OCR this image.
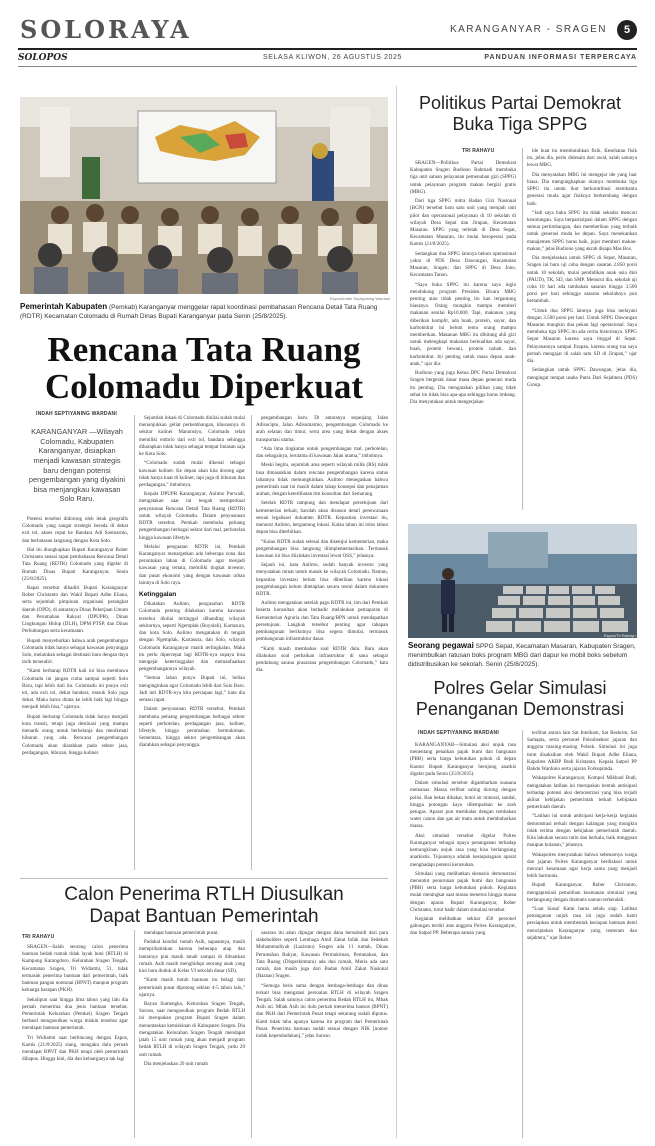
SOLORAYA	KARANGANYAR - SRAGEN	5
SOLOPOS	SELASA KLIWON, 26 AGUSTUS 2025	PANDUAN INFORMASI TERPERCAYA
Espos/Indah Septiyaning Wardani
Pemerintah Kabupaten (Pemkab) Karanganyar menggelar rapat koordinasi pembahasan Rencana Detail Tata Ruang (RDTR) Kecamatan Colomadu di Rumah Dinas Bupati Karanganyar pada Senin (25/8/2025).
Rencana Tata Ruang
Colomadu Diperkuat
INDAH SEPTIYANING WARDANI
KARANGANYAR —Wilayah Colomadu, Kabupaten Karanganyar, disiapkan menjadi kawasan strategis baru dengan potensi pengembangan yang diyakini bisa menjangkau kawasan Solo Raru.

Potensi tersebut didorong oleh letak geografis Colomadu yang sangat strategis berada di dekat exit tol, akses cepat ke Bandara Adi Soemarmo, dan berbatasan langsung dengan Kota Solo.

Hal itu diungkapkan Bupati Karanganyar Rober Christanto seusai rapat pembahasan Rencana Detail Tata Ruang (RDTR) Colomadu yang digelar di Rumah Dinas Bupati Karanganyar, Senin (25/8/2025).

Rapat tersebut dihadiri Bupati Karanganyar Rober Christanto dan Wakil Bupati Adhe Eliana, serta sejumlah pimpinan organisasi perangkat daerah (OPD), di antaranya Dinas Pekerjaan Umum dan Perumahan Rakyat (DPUPR), Dinas Lingkungan Hidup (DLH), DPM PTSP, dan Dinas Perhubungan serta kecamatan.

Bupati menyebutkan bahwa arah pengembangan Colomadu tidak hanya sebagai kawasan penyangga Solo, melainkan sebagai destinasi baru dengan daya tarik tersendiri.

“Kami berharap RDTR kali ini bisa membawa Colomadu ini jangan cuma sampai sepetti Solo Baru, tapi lebih dari itu. Colomadu ini punya exit tol, ada exit tol, dekat bandara, masuk Solo juga dekat. Maka harus ditata ke lebih baik lagi hingga menjadi lebih bisa,” ujarnya.

Bupati berharap Colomadu tidak hanya menjadi kota transit, tetapi juga destinasi yang mampu menarik orang untuk berbelanja dan menikmati hiburan yang ada. Rencana pengembangan Colomadu akan diarahkan pada sektor jasa, perdagangan, hiburan, hingga kuliner.

Sejumlah lokasi di Colomadu dinilai sudah mulai menunjukkan geliat perkembangan, khususnya di sekitar kuliner Manunsiyo, Colomadu telah memiliki embrio dari exit tol, bandara sehingga diharapkan tidak hanya sebagai tempat lintasan saja ke Kota Solo.

“Colomadu sudah mulai dikenal sebagai kawasan kuliner. Ke depan akan kita dorong agar tidak hanya kuat di kuliner, tapi juga di hiburan dan perdagangan,” imbuhnya.

Kepala DPUPR Karanganyar, Aulimo Purwadi, mengatakan saat ini tengah memperkuat penyusunan Rencana Detail Tata Ruang (RDTR) untuk wilayah Colomadu. Dalam penyusunan RDTR tersebut, Pemkab membuka peluang pengembangan berbagai sektor dari mal, perhotelan hingga kawasan lifestyle.

Melalui penguatan RDTR ini, Pemkab Karanganyar menargetkan ada beberapa zona dan peruntukan lahan di Colomadu agar menjadi kawasan yang tertata, memiliki tingkat investor, dan pusat ekonomi yang dengan kawasan urban lainnya di Solo raya.

Ketinggalan

Dikatakan Aulimo, pengusahan RDTR Colomadu penting dilakukan karena kawasan tersebut dinilai tertinggal dibanding wilayah sekitarnya, seperti Ngemplak (Boyolali), Kartasura, dan kota Solo. Aulimo mengatakan di tengah dengan Ngemplak, Kartasura, dan Solo, wilayah Colomadu Karanganyar masih terlingkalan. Maka itu perlu dipercepat lagi RDTR-nya supaya bisa mengejar ketertinggalan dan memanfaatkan pengembangannya wilayah.

“Semua lahan punya Bupati ini, beliau menginginkan agar Colomadu lebih dari Solo Baru. Jadi inti RDTR-nya kita persiapan lagi,” kata dia semasi rapat.

Dalam penyusunan RDTR tersebut, Pemkab membuka peluang pengembangan berbagai sektor seperti perhotelan, perdagangan jasa, kuliner, lifestyle, hingga perumahan bermukiman. Sementara, hingga sektor pengembangan akan diarahkan sebagai penyangga.

pengembangan baru. Di antaranya sepanjang Jalan Adisucipto, Jalan Adisumarmo, pengembangan Colomadu ke arah selatan dan timur, serta area yang dekat dengan akses transportasi utama.

“Ada lima tingkatan untuk pengembangan mal, perhotelan, dan sebagainya, terutama di kawasan Jalan utama,” imbuhnya.

Meski begitu, sejumlah area seperti wilayah milik (RS) tidak bisa dimasukkan dalam rencana pengembangan karena status lahannya tidak memungkinkan. Aulimo menegaskan bahwa pemerintah saat ini masih dalam tahap konsepsi dan penajaman arahan, dengan keterlibatan tim konsultan dari Semarang.

Setelah RDTR rampung dan mendapat persetujuan dari kementerian terkait, barulah akan disusun detail perencanaan sesuai legalisasi dokumen RDTR. Kepastian investasi itu, menurut Aulimo, bergantung lokasi. Kalau tahun ini lolos tahun depan bisa diterbitkan.

“Kalau RDTR sudah selesai dan disetujui kementerian, maka pengembangan bisa langsung diimplementasikan. Termasuk kawasan ini bisa diizinkan investasi lewat OSS,” jelasnya.

Sejauh ini, kata Aulimo, sudah banyak investor yang menyatakan minat untuk masuk ke wilayah Colomadu. Namun, kepastian investasi belum bisa diberikan karena lokasi pengembangan belum ditetapkan secara resmi dalam dokumen RDTR.

Aulimo mengatakan setelah pagu RDTR ini, tim dari Pemkab beserta konsultan akan berhadir melakukan pemaparan di Kementerian Agraria dan Tata Ruang/BPN untuk mendapatkan persetujuan. Langkah tersebut penting agar tahapan pembangunan berikutnya bisa segera dimulai, termasuk pembangunan infrastruktur dasar.

“Kami masih membahas soal RDTR dulu. Baru akan dilakukan soal perbaikan infrastruktur di sana sebagai pendukung sarana prasarana pengembangan Colomadu,” kata dia.

Calon Penerima RTLH Diusulkan
Dapat Bantuan Pemerintah
TRI RAHAYU

SRAGEN—Salah seorang calon penerima bantuan bedah rumah tidak layak huni (RTLH) di Kampung Karangdoro, Kelurahan Sragen Tengah, Kecamatan Sragen, Tri Widiatmi, 51, tidak termasuk penerima bantuan dari pemerintah, baik bantuan pangan nontunai (BPNT) maupun program keluarga harapan (PKH).

Sekalipun saat hingga lima tahun yang lalu dia pernah menerima dua jenis bantuan tersebut. Pemerintah Kelurahan (Pemkel) Sragen Tengah berhasil mengusulkan warga miskin tersebut agar mendapat bantuan pemerintah.

Tri Widiatmi saat berbincang dengan Espos, Kamis (21/8/2025) siang, mengaku dulu pernah mendapat BPNT dan PKH tetapi oleh pemerintah dihapus. Hingga kini, dia dan keluarganya tak lagi

mendapat bantuan pemerintah pusat.

Padahal kondisi rumah Asih, sapaannya, masih memprihatinkan karena beberapa atap dan lantainya pun masih tanah sampai di dibuatkan rumah. Asih masih menghidupi seorang anak yang kini baru duduk di Kelas VI sekolah dasar (SD).

“Kami masih butuh bantuan itu belagi dari pemerintah pusat dipotong sekitar 4-5 tahun lalu,” ujarnya.

Bayan Sumengko, Kelurahan Sragen Tengah, Suroso, saat mengusulkan program Bedah RTLH ini merupakan program Bupati Sragen dalam menuntaskan kemiskinan di Kabupaten Sragen. Dia mengatakan Kelurahan Sragen Tengah mendapat jatah 15 unit rumah yang akan menjadi program bedah RTLH di wilayah Sragen Tengah, yaitu 20 unit rumah.

Dia menjelaskan 20 unit rumah

sasaran itu akan dipugar dengan dana bersubsidi dari para stakeholders seperti Lembaga Amil Zakat Infak dan Sedekah Muhammadiyah (Lazismu) Sragen ada 11 rumah, Dinas Perumahan Rakyat, Kawasan Permukiman, Pertanahan, dan Tata Ruang (Disperkimtaru) ada dua rumah, Muria ada satu rumah, dan masih juga dari Badan Amil Zakat Nasional (Baznas) Sragen.

“Semoga beris sama dengan lembaga-lembaga dan dinas terkait bisa mengatasi persoalan RTLH di wilayah Sragen Tengah. Salah satunya calon penerima Bedah RTLH itu, Mbak Asih ini. Mbak Asih ini dulu pernah menerima bansos (BPNT) dan PKH dari Pemerintah Pusat tetapi sekarang sudah diputus. Kami tidak tahu apanya karena itu program dari Pemerintah Pusat. Penerima bantuan sudah sesuai dengan NIK [nomor induk kependudukan],” jelas Suroso.

Politikus Partai Demokrat
Buka Tiga SPPG
TRI RAHAYU

SRAGEN—Politikus Partai Demokrat Kabupaten Sragen Budiono Rahmadi membuka tiga unit satuan pelayanan pemenuhan gizi (SPPG) untuk pelayanan program makan bergizi gratis (MBG).

Dari tiga SPPG mitra Badan Gizi Nasional (BGN) tersebut baru satu unit yang menjadi unit pilot dan operasional pelayanan di 10 sekolah di wilayah Desa Sepat dan Jirapan, Kecamatan Masaran. SPPG yang terletak di Desa Sepat, Kecamatan Masaran, itu mulai beroperasi pada Kamis (21/8/2025).

Sedangkan dua SPPG lainnya belum operasional yakni di PDS Desa Dawungan, Kecamatan Masaran, Sragen; dan SPPG di Desa Jono, Kecamatan Tanon.

“Saya buka SPPG itu karena saya ingin mendukung program Presiden. Bicara MBG penting atau tidak penting itu kan tergantung biasanya. Orang mungkin mampu memberi makanan senilai Rp10.000. Tapi, makanan yang diberikan komplit, ada buah, protein, sayur, dan karbohidrat ini belum tentu orang mampu memberikan. Makanan MBG itu dihitung ahli gizi untuk melengkapi makanan berkualitas ada sayur, buah, protein hewani, protein nabati, dan karbohidrat. Ini penting untuk masa depan anak-anak,” ujar dia.

Budiono yang juga Ketua DPC Partai Demokrat Sragen bergerak dasar masa depan generasi muda itu penting. Dia mengatakan pilihan yang tidak sehat itu tidak bisa apa-apa sehingga harus imbang. Dia menyatakan untuk mengerjakan

ide kuat itu membutuhkan fisik. Kesehatan fisik itu, jelas dia, perlu didesain dari awal, salah satunya lewat MBG.

Dia menyatakan MBG ini mengejar ide yang luar biasa. Dia mengungkapkan niatnya membuka tiga SPPG itu untuk ikut berkontribusi membantu generasi muda agar fisiknya berkembang dengan baik.

“Jadi saya buka SPPG itu tidak sekadar mencari keuntungan. Saya berpartisipasi dalam SPPG dengan semua pertimbangan, dan memberikan yang terbaik untuk generasi muda ke depan. Saya menekankan manajemen SPPG harus baik, jujur memberi makan-makan,” jelas Budiono yang akrab disapa Mas Bos.

Dia menjelaskan untuk SPPG di Sepat, Masaran, Sragen ini baru uji coba dengan sasaran 2.850 porsi untuk 10 sekolah, mulai pendidikan anak usia dini (PAUD), TK, SD, dan SMP. Menurut dia, sekolah uji coba 10 hari ada tambahan sasaran hingga 3.500 porsi per hari sehingga sasaran sekolahnya pun bertambah.

“Untuk dua SPPG lainnya juga bisa melayani dengan 3.500 porsi per hari. Untuk SPPG Dawungan Masaran mungkin dua pekan lagi operasional. Saya membuka tiga SPPG itu ada cerita historisnya. SPPG Sepat Masaran karena saya tinggal di Sepat. Pelayanannya sampai Jirapan, karena orang tua saya pernah mengajar di salah satu SD di Jirapan,” ujar dia.

Sedangkan untuk SPPG Dawungan, jelas dia, mengingat tempat usaha Putra Dari Sejahtera (PDS) Group.

Espos/Tri Rahayu
Seorang pegawai SPPG Sepat, Kecamatan Masaran, Kabupaten Sragen, menimbulkan ratusan boks program MBG dari dapur ke mobil boks sebelum didistribusikan ke sekolah. Senin (25/8/2025).
Polres Gelar Simulasi
Penanganan Demonstrasi
INDAH SEPTIYANING WARDANI

KARANGANYAR—Simulasi aksi unjuk rasa menentang penaikan pajak bumi dan bangunan (PBB) serta harga kebutuhan pokok di depan Kantor Bupati Karanganyar berujung anarkis digelar pada Senin (25/8/2025).

Dalam simulasi tersebut digambarkan suasana memanas. Massa terlibat saling dorong dengan polisi. Ban bekas dibakar, botol air mineral, sandal, hingga potongan kayu dilemparkan ke arah petugas. Aparat pun membalas dengan tembakan water canon dan gas air mata untuk membubarkan massa.

Aksi simulasi tersebut digelar Polres Karanganyar sebagai upaya penanganan terhadap kemungkinan unjuk rasa yang bisa berlangsung anarkistis. Tujuannya adalah kesiapsiagaan aparat menghadapi potensi kerusuhan.

Simulasi yang melibatkan skenario demonstrasi menuntut penurunan pajak bumi dan bangunan (PBB) serta harga kebutuhan pokok. Kegiatan mulai meningkat saat massa menerus hingga massa dengan aparat. Bupati Karanganyar, Rober Christanto, turut hadir dalam simulasi tersebut.

Kegiatan melibatkan sekitar 450 personel gabungan terdiri atas anggota Polres Karanganyar, dan Satpol PP. Beberapa satuan yang

terlibat antara lain Sat Intelkam, Sat Reskrim, Sat Samapta, serta personel Polsubsektor jajaran dan anggota masing-masing Polsek. Simulasi ini juga turut disaksikan oleh Wakil Bupati Adhe Eliana, Kapolres AKBP Budi Kristanto, Kepala Satpol PP Bakdo Wardono serta jajaran Forkopimda.

Wakapolres Karanganyar, Kompol Mikhaul Budi, mengatakan latihan ini merupakan bentuk antisipasi terhadap potensi aksi demonstrasi yang bisa terjadi akibat kebijakan pemerintah terkait kebijakan pemerintah daerah.

“Latihan ini untuk antisipasi kerja-kerja kegiatan demonstrasi terkait dengan kalangan yang mungkin tidak terima dengan kebijakan pemerintah daerah. Kita lakukan secara rutin dan berkala, baik minggoan maupun bulanan,” jelasnya.

Wakapolres menyatakan bahwa sebenarnya warga dan jajaran Polres Karanganyar berdiskusi untuk mencari kesamaan agar kerja sama yang menjadi lebih harmonis.

Bupati Karanganyar, Rober Christanto, mengapresiasi pemulihan keamanan simulasi yang berlangsung dengan dramatis namun terkendali.

“Luar biasa! Kami harus selalu siap. Latihan penanganan unjuk rasa ini juga sudah kami persiapkan untuk membentuk kesiapan bantuan demi menciptakan Karanganyar yang tenteram dan sejahtera,” ujar Rober.
